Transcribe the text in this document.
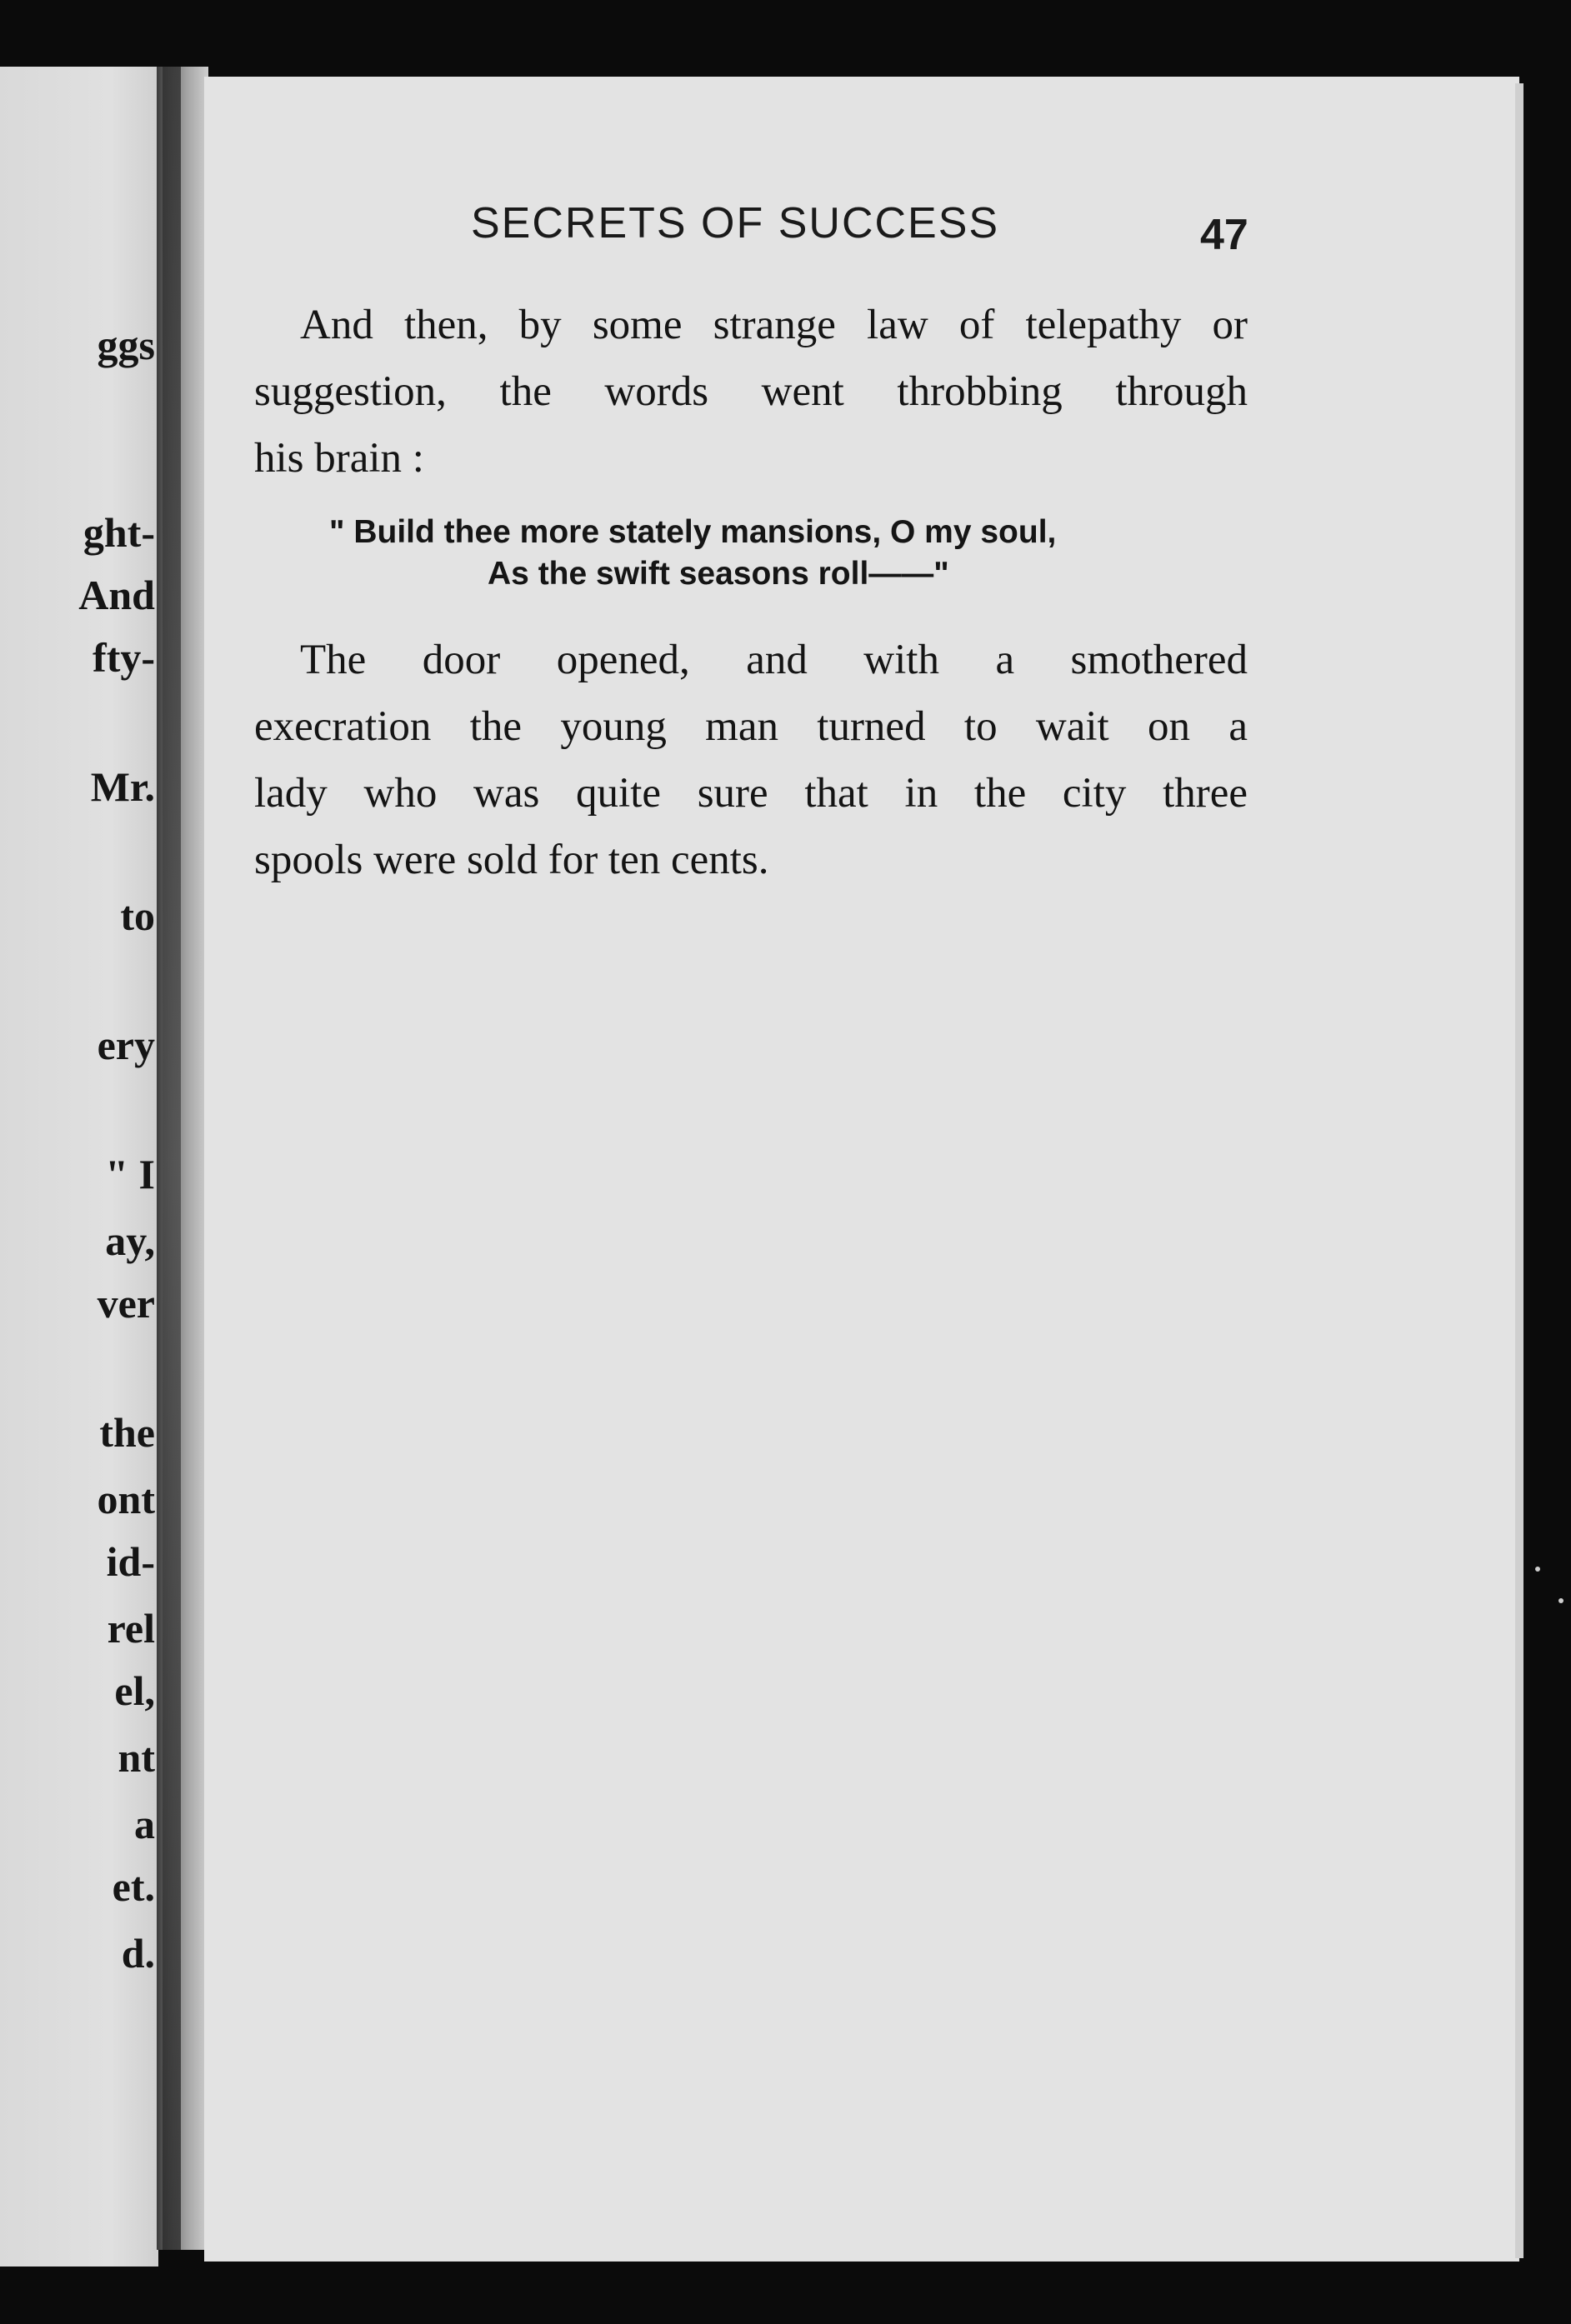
ggs
ght-
And
fty-
Mr.
to
ery
" I
ay,
ver
the
ont
id-
rel
el,
nt
a
et.
d.
SECRETS OF SUCCESS	47
And then, by some strange law of telepathy or
suggestion, the words went throbbing through
his brain :
" Build thee more stately mansions, O my soul,
As the swift seasons roll——"
The door opened, and with a smothered
execration the young man turned to wait on a
lady who was quite sure that in the city three
spools were sold for ten cents.
